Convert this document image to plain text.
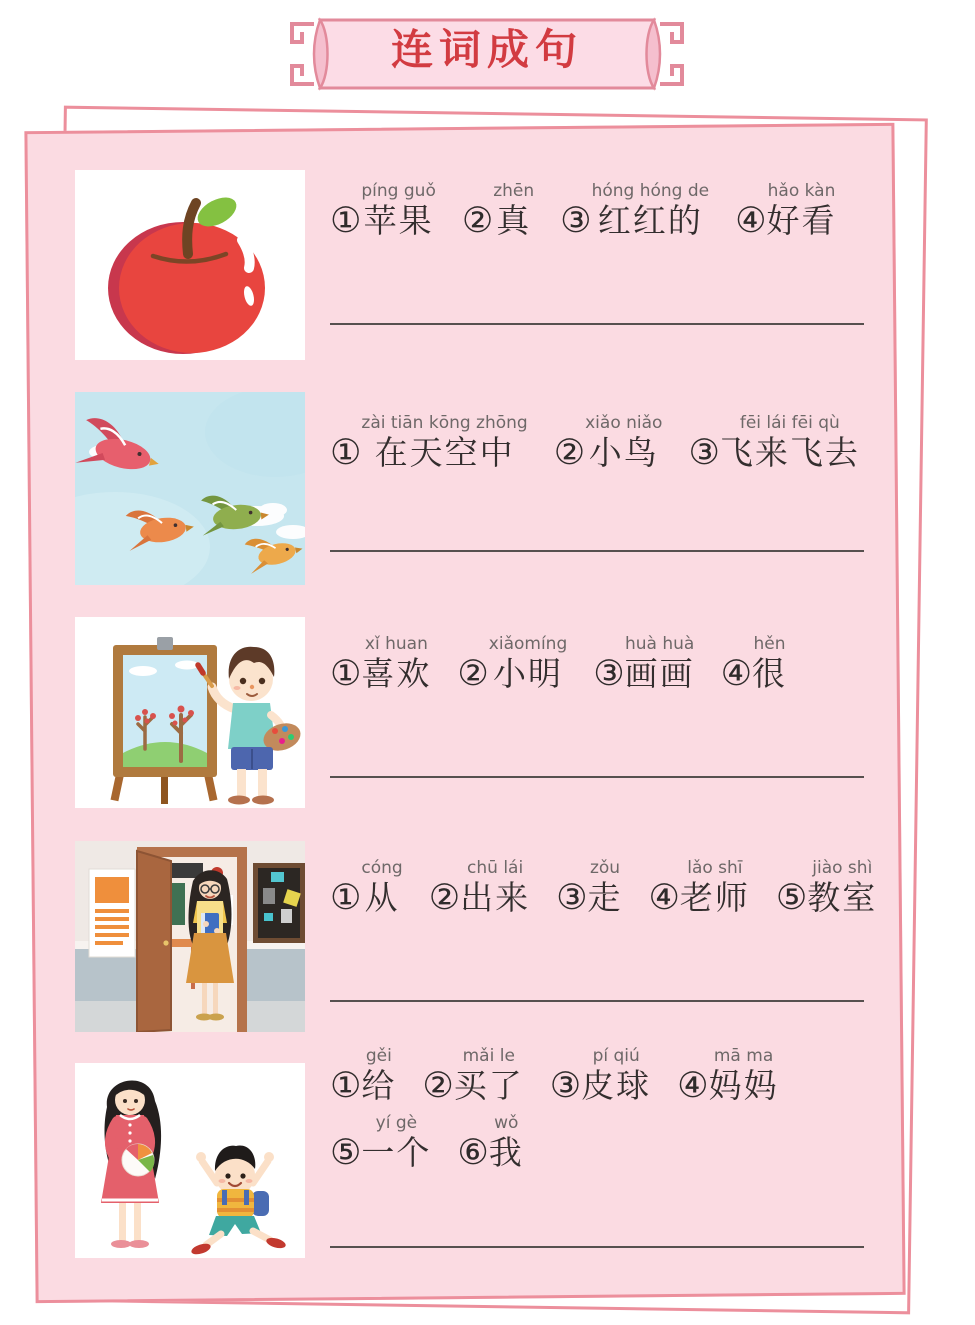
连词成句
①
píng guǒ
苹果 ②
zhēn
真 ③
hóng hóng de
红红的 ④
hǎo kàn
好看
①
zài tiān kōng zhōng
在天空中 ②
xiǎo niǎo
小鸟 ③
fēi lái fēi qù
飞来飞去
①
xǐ huan
喜欢 ②
xiǎomíng
小明 ③
huà huà
画画 ④
hěn
很
①
cóng
从 ②
chū lái
出来 ③
zǒu
走 ④
lǎo shī
老师 ⑤
jiào shì
教室
①
gěi
给 ②
mǎi le
买了 ③
pí qiú
皮球 ④
mā ma
妈妈
⑤
yí gè
一个 ⑥
wǒ
我
